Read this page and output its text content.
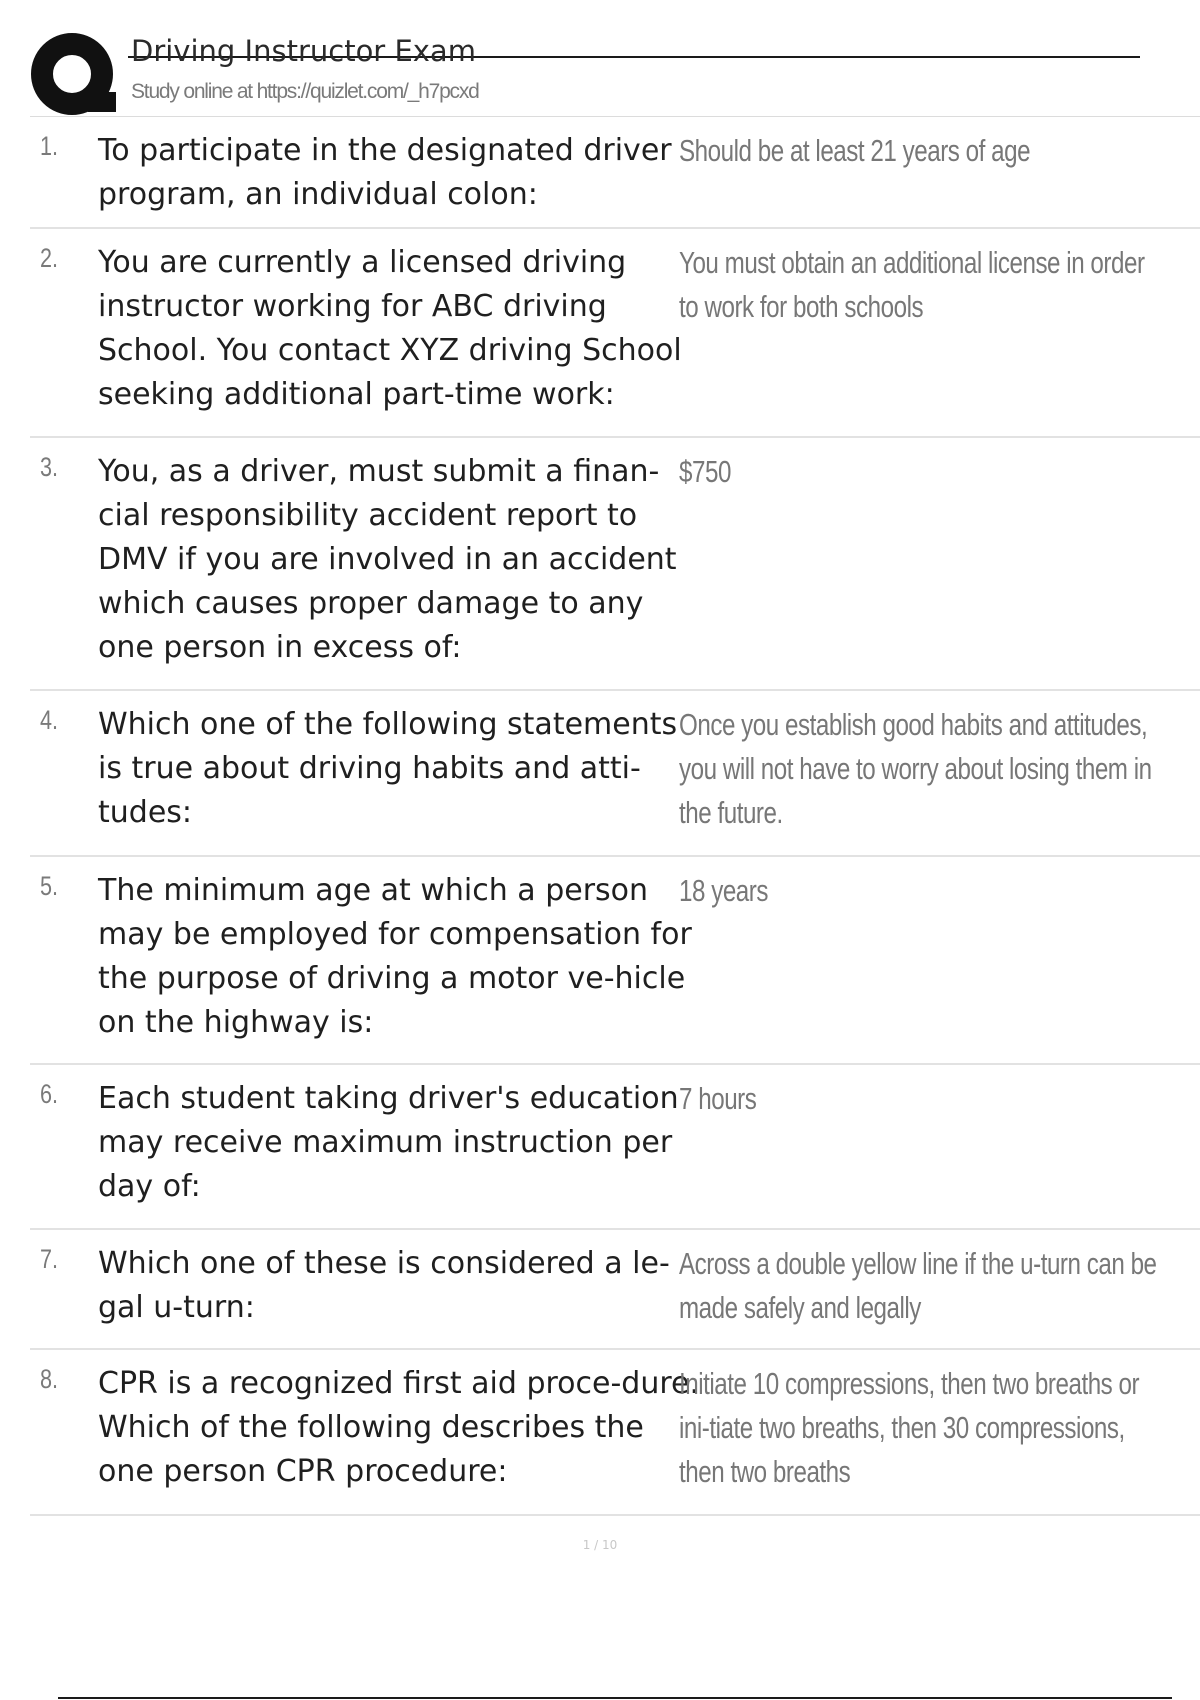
Driving Instructor Exam
Study online at https://quizlet.com/_h7pcxd
1. To participate in the designated driver program, an individual colon:
Should be at least 21 years of age
2. You are currently a licensed driving instructor working for ABC driving School. You contact XYZ driving School seeking additional part-time work:
You must obtain an additional license in order to work for both schools
3. You, as a driver, must submit a finan-cial responsibility accident report to DMV if you are involved in an accident which causes proper damage to any one person in excess of:
$750
4. Which one of the following statements is true about driving habits and atti-tudes:
Once you establish good habits and attitudes, you will not have to worry about losing them in the future.
5. The minimum age at which a person may be employed for compensation for the purpose of driving a motor ve-hicle on the highway is:
18 years
6. Each student taking driver's education may receive maximum instruction per day of:
7 hours
7. Which one of these is considered a le-gal u-turn:
Across a double yellow line if the u-turn can be made safely and legally
8. CPR is a recognized first aid proce-dure. Which of the following describes the one person CPR procedure:
Initiate 10 compressions, then two breaths or ini-tiate two breaths, then 30 compressions, then two breaths
1 / 10
